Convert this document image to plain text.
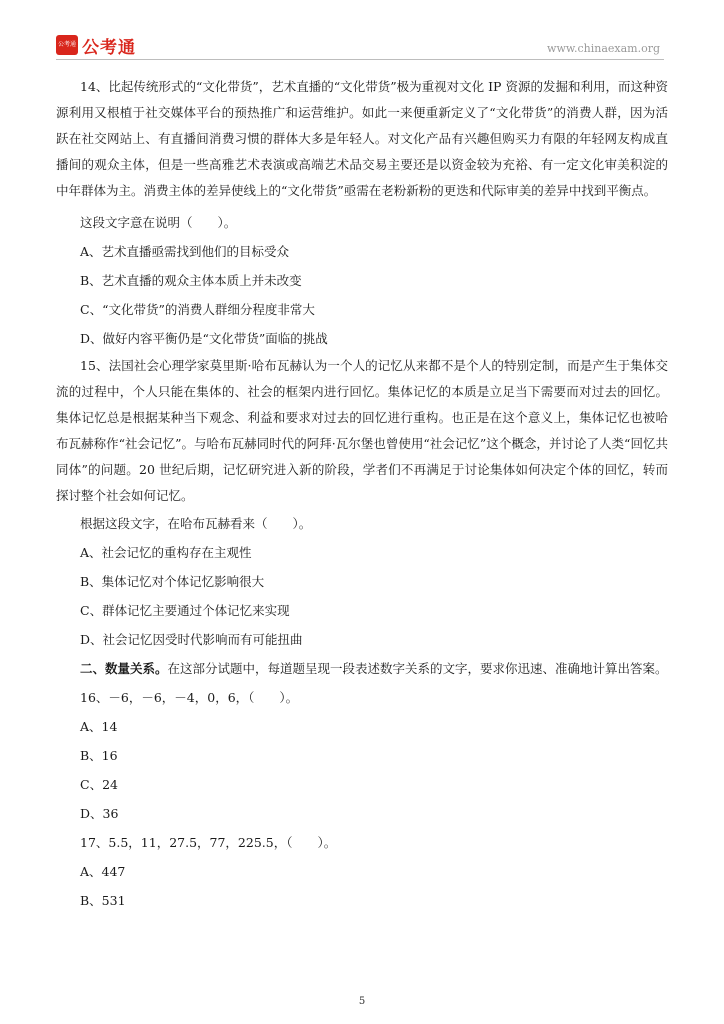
公考通 公考通	www.chinaexam.org

14、比起传统形式的“文化带货”，艺术直播的“文化带货”极为重视对文化 IP 资源的发掘和利用，而这种资源利用又根植于社交媒体平台的预热推广和运营维护。如此一来便重新定义了“文化带货”的消费人群，因为活跃在社交网站上、有直播间消费习惯的群体大多是年轻人。对文化产品有兴趣但购买力有限的年轻网友构成直播间的观众主体，但是一些高雅艺术表演或高端艺术品交易主要还是以资金较为充裕、有一定文化审美积淀的中年群体为主。消费主体的差异使线上的“文化带货”亟需在老粉新粉的更迭和代际审美的差异中找到平衡点。

这段文字意在说明（　　）。

A、艺术直播亟需找到他们的目标受众

B、艺术直播的观众主体本质上并未改变

C、“文化带货”的消费人群细分程度非常大

D、做好内容平衡仍是“文化带货”面临的挑战

15、法国社会心理学家莫里斯·哈布瓦赫认为一个人的记忆从来都不是个人的特别定制，而是产生于集体交流的过程中，个人只能在集体的、社会的框架内进行回忆。集体记忆的本质是立足当下需要而对过去的回忆。集体记忆总是根据某种当下观念、利益和要求对过去的回忆进行重构。也正是在这个意义上，集体记忆也被哈布瓦赫称作“社会记忆”。与哈布瓦赫同时代的阿拜·瓦尔堡也曾使用“社会记忆”这个概念，并讨论了人类“回忆共同体”的问题。20 世纪后期，记忆研究进入新的阶段，学者们不再满足于讨论集体如何决定个体的回忆，转而探讨整个社会如何记忆。

根据这段文字，在哈布瓦赫看来（　　）。

A、社会记忆的重构存在主观性

B、集体记忆对个体记忆影响很大

C、群体记忆主要通过个体记忆来实现

D、社会记忆因受时代影响而有可能扭曲

二、数量关系。在这部分试题中，每道题呈现一段表述数字关系的文字，要求你迅速、准确地计算出答案。

16、－6，－6，－4，0，6，（　　）。

A、14

B、16

C、24

D、36

17、5.5，11，27.5，77，225.5，（　　）。

A、447

B、531

5
